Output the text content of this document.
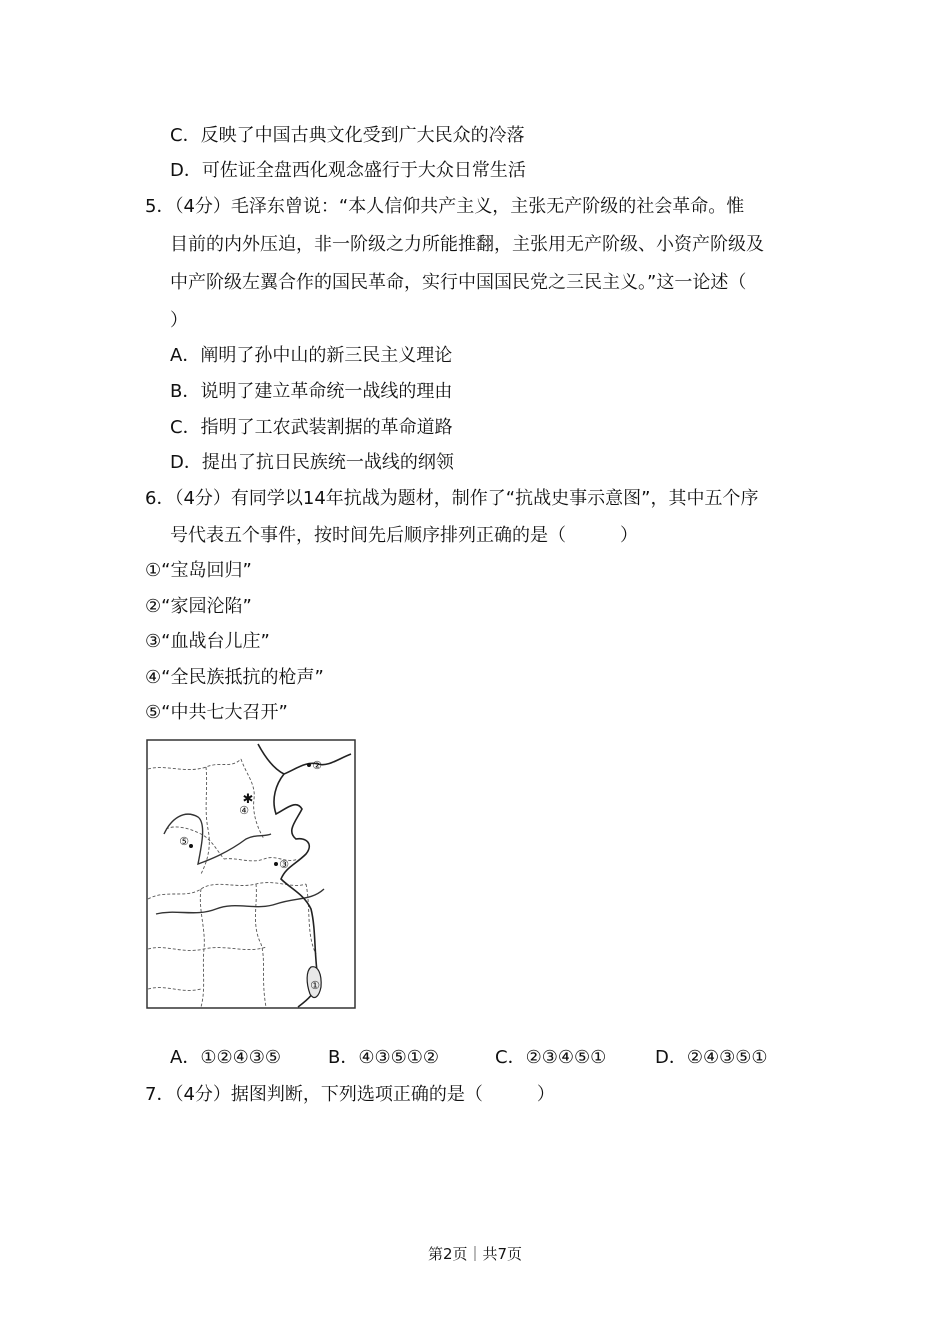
C．反映了中国古典文化受到广大民众的冷落
D．可佐证全盘西化观念盛行于大众日常生活
5．（4分）毛泽东曾说：“本人信仰共产主义，主张无产阶级的社会革命。惟
目前的内外压迫，非一阶级之力所能推翻，主张用无产阶级、小资产阶级及
中产阶级左翼合作的国民革命，实行中国国民党之三民主义。”这一论述（
）
A．阐明了孙中山的新三民主义理论
B．说明了建立革命统一战线的理由
C．指明了工农武装割据的革命道路
D．提出了抗日民族统一战线的纲领
6．（4分）有同学以14年抗战为题材，制作了“抗战史事示意图”，其中五个序
号代表五个事件，按时间先后顺序排列正确的是（　　　）
①“宝岛回归”
②“家园沦陷”
③“血战台儿庄”
④“全民族抵抗的枪声”
⑤“中共七大召开”
②
✱
④
⑤
③
①
A．①②④③⑤	B．④③⑤①②	C．②③④⑤①	D．②④③⑤①
7．（4分）据图判断，下列选项正确的是（　　　）
第2页｜共7页
